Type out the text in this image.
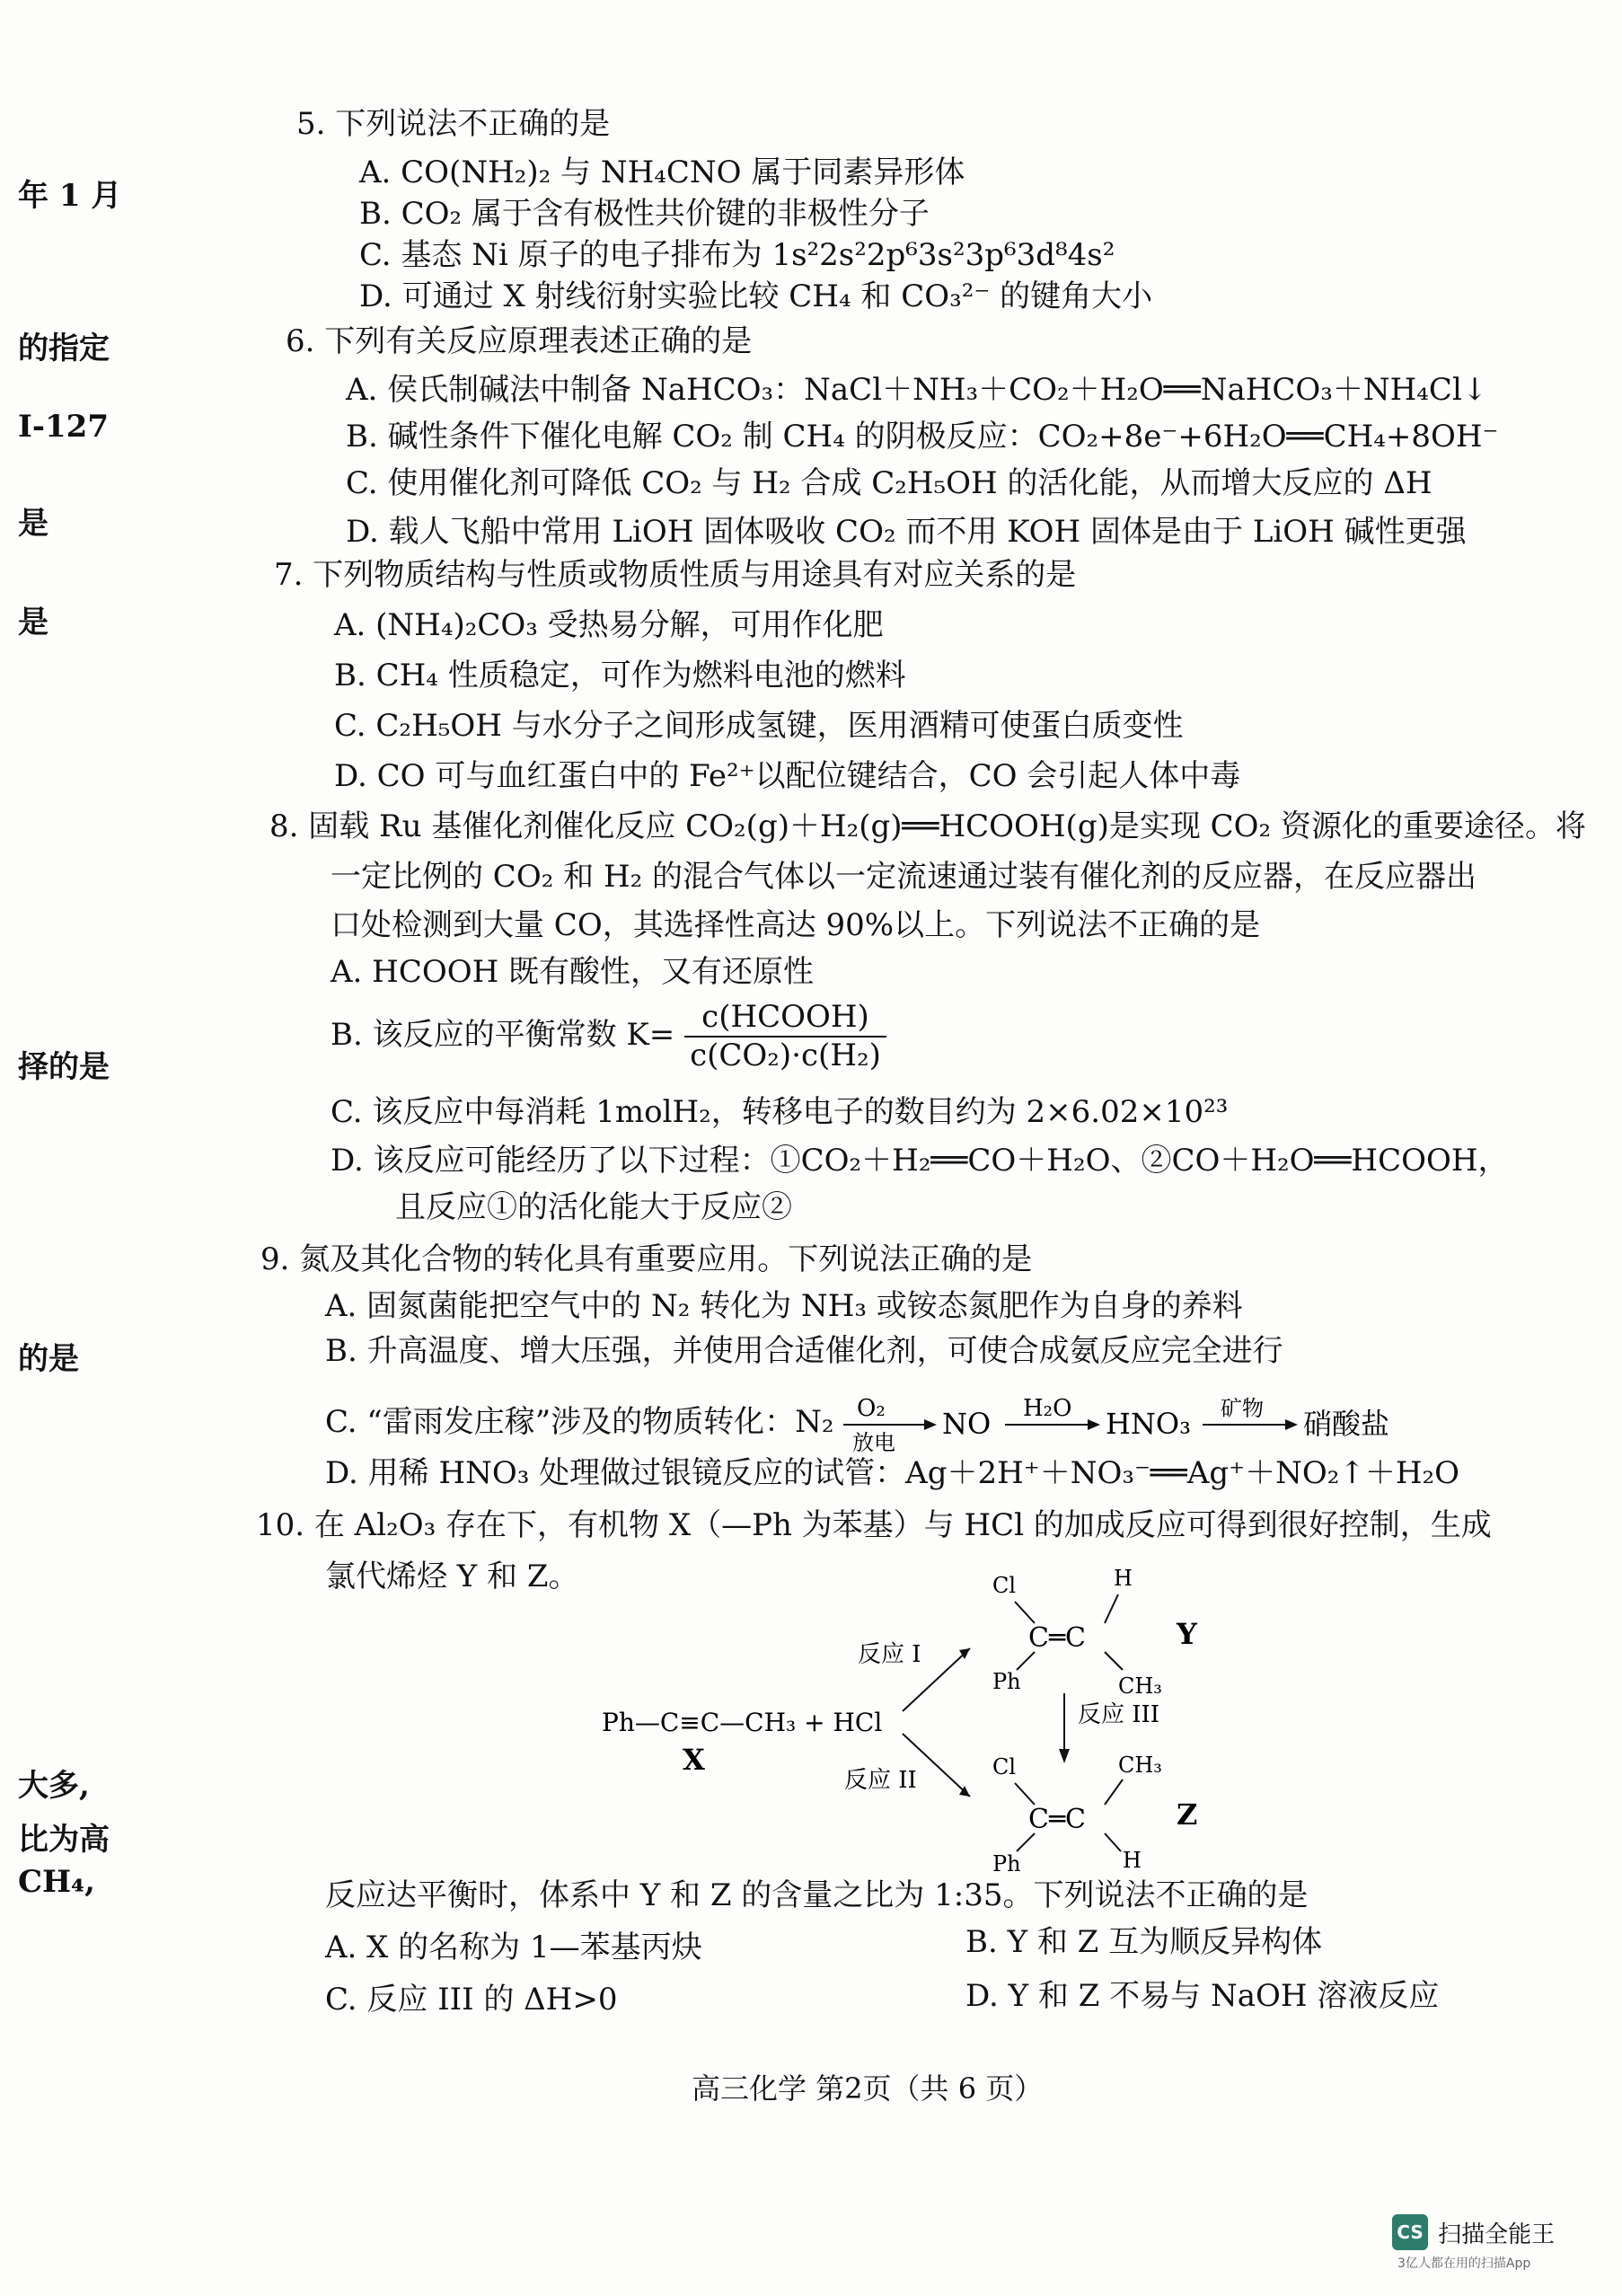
年 1 月
的指定
I-127
是
是
择的是
的是
大多,
比为高
CH₄,
5. 下列说法不正确的是
A. CO(NH₂)₂ 与 NH₄CNO 属于同素异形体
B. CO₂ 属于含有极性共价键的非极性分子
C. 基态 Ni 原子的电子排布为 1s²2s²2p⁶3s²3p⁶3d⁸4s²
D. 可通过 X 射线衍射实验比较 CH₄ 和 CO₃²⁻ 的键角大小
6. 下列有关反应原理表述正确的是
A. 侯氏制碱法中制备 NaHCO₃：NaCl＋NH₃＋CO₂＋H₂O══NaHCO₃＋NH₄Cl↓
B. 碱性条件下催化电解 CO₂ 制 CH₄ 的阴极反应：CO₂+8e⁻+6H₂O══CH₄+8OH⁻
C. 使用催化剂可降低 CO₂ 与 H₂ 合成 C₂H₅OH 的活化能，从而增大反应的 ΔH
D. 载人飞船中常用 LiOH 固体吸收 CO₂ 而不用 KOH 固体是由于 LiOH 碱性更强
7. 下列物质结构与性质或物质性质与用途具有对应关系的是
A. (NH₄)₂CO₃ 受热易分解，可用作化肥
B. CH₄ 性质稳定，可作为燃料电池的燃料
C. C₂H₅OH 与水分子之间形成氢键，医用酒精可使蛋白质变性
D. CO 可与血红蛋白中的 Fe²⁺以配位键结合，CO 会引起人体中毒
8. 固载 Ru 基催化剂催化反应 CO₂(g)＋H₂(g)══HCOOH(g)是实现 CO₂ 资源化的重要途径。将
一定比例的 CO₂ 和 H₂ 的混合气体以一定流速通过装有催化剂的反应器，在反应器出
口处检测到大量 CO，其选择性高达 90%以上。下列说法不正确的是
A. HCOOH 既有酸性，又有还原性
B. 该反应的平衡常数 $K= \frac{\text{c(HCOOH)}}{\text{c(CO₂)·c(H₂)}}$
C. 该反应中每消耗 1molH₂，转移电子的数目约为 2×6.02×10²³
D. 该反应可能经历了以下过程：①CO₂＋H₂══CO＋H₂O、②CO＋H₂O══HCOOH，
且反应①的活化能大于反应②
9. 氮及其化合物的转化具有重要应用。下列说法正确的是
A. 固氮菌能把空气中的 N₂ 转化为 NH₃ 或铵态氮肥作为自身的养料
B. 升高温度、增大压强，并使用合适催化剂，可使合成氨反应完全进行
C. “雷雨发庄稼”涉及的物质转化：N₂ O₂
放电
NO H₂O HNO₃ 矿物 硝酸盐
D. 用稀 HNO₃ 处理做过银镜反应的试管：Ag＋2H⁺＋NO₃⁻══Ag⁺＋NO₂↑＋H₂O
10. 在 Al₂O₃ 存在下，有机物 X（—Ph 为苯基）与 HCl 的加成反应可得到很好控制，生成
氯代烯烃 Y 和 Z。
Ph—C≡C—CH₃ + HCl
X
反应 I
反应 II
Cl	H
C═C
Ph	CH₃
Y
反应 III
Cl	CH₃
C═C
Ph	H
Z
反应达平衡时，体系中 Y 和 Z 的含量之比为 1:35。下列说法不正确的是
A. X 的名称为 1—苯基丙炔	B. Y 和 Z 互为顺反异构体
C. 反应 III 的 ΔH>0	D. Y 和 Z 不易与 NaOH 溶液反应
高三化学 第2页（共 6 页）
CS 扫描全能王
3亿人都在用的扫描App
